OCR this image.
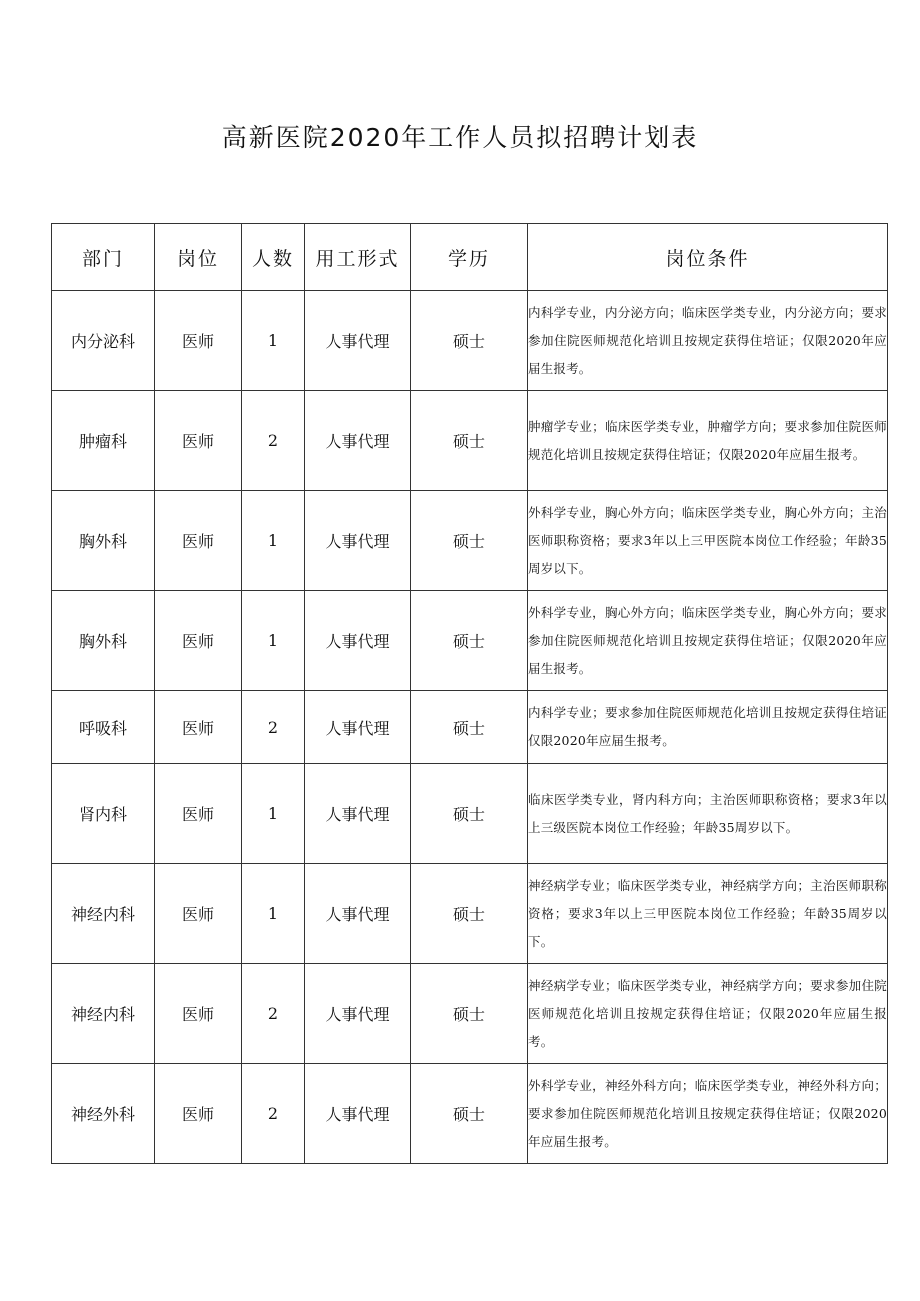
高新医院2020年工作人员拟招聘计划表
部门	岗位	人数	用工形式	学历	岗位条件
内分泌科	医师	1	人事代理	硕士	内科学专业，内分泌方向；临床医学类专业，内分泌方向；要求参加住院医师规范化培训且按规定获得住培证；仅限2020年应届生报考。
肿瘤科	医师	2	人事代理	硕士	肿瘤学专业；临床医学类专业，肿瘤学方向；要求参加住院医师规范化培训且按规定获得住培证；仅限2020年应届生报考。
胸外科	医师	1	人事代理	硕士	外科学专业，胸心外方向；临床医学类专业，胸心外方向；主治医师职称资格；要求3年以上三甲医院本岗位工作经验；年龄35周岁以下。
胸外科	医师	1	人事代理	硕士	外科学专业，胸心外方向；临床医学类专业，胸心外方向；要求参加住院医师规范化培训且按规定获得住培证；仅限2020年应届生报考。
呼吸科	医师	2	人事代理	硕士	内科学专业；要求参加住院医师规范化培训且按规定获得住培证仅限2020年应届生报考。
肾内科	医师	1	人事代理	硕士	临床医学类专业，肾内科方向；主治医师职称资格；要求3年以上三级医院本岗位工作经验；年龄35周岁以下。
神经内科	医师	1	人事代理	硕士	神经病学专业；临床医学类专业，神经病学方向；主治医师职称资格；要求3年以上三甲医院本岗位工作经验；年龄35周岁以下。
神经内科	医师	2	人事代理	硕士	神经病学专业；临床医学类专业，神经病学方向；要求参加住院医师规范化培训且按规定获得住培证；仅限2020年应届生报考。
神经外科	医师	2	人事代理	硕士	外科学专业，神经外科方向；临床医学类专业，神经外科方向；要求参加住院医师规范化培训且按规定获得住培证；仅限2020年应届生报考。
